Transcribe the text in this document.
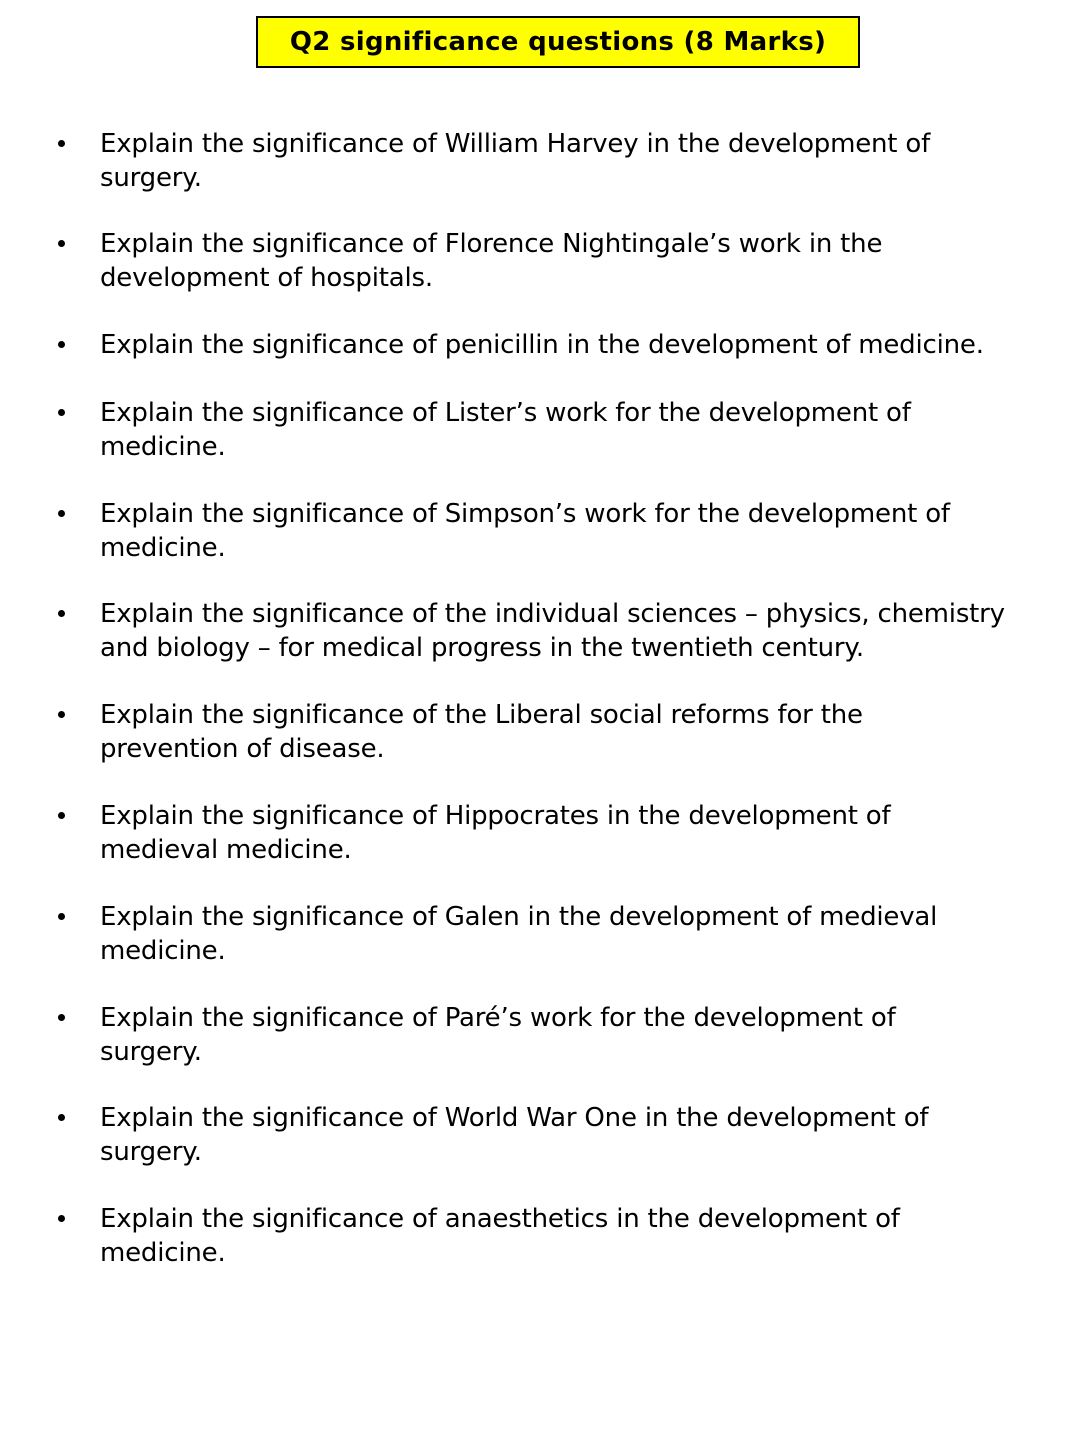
Q2 significance questions (8 Marks)
Explain the significance of William Harvey in the development of
surgery.
Explain the significance of Florence Nightingale’s work in the
development of hospitals.
Explain the significance of penicillin in the development of medicine.
Explain the significance of Lister’s work for the development of
medicine.
Explain the significance of Simpson’s work for the development of
medicine.
Explain the significance of the individual sciences – physics, chemistry
and biology – for medical progress in the twentieth century.
Explain the significance of the Liberal social reforms for the
prevention of disease.
Explain the significance of Hippocrates in the development of
medieval medicine.
Explain the significance of Galen in the development of medieval
medicine.
Explain the significance of Paré’s work for the development of
surgery.
Explain the significance of World War One in the development of
surgery.
Explain the significance of anaesthetics in the development of
medicine.
